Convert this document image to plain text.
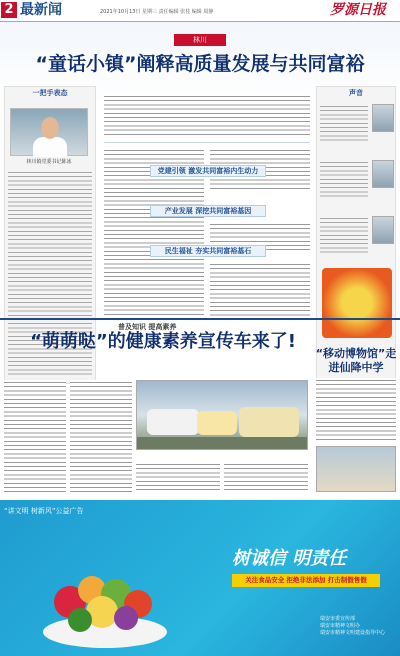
2 最新闻	2021年10月13日 星期三 责任编辑 张桂 编辑 周静	罗源日报
林川
“童话小镇”阐释高质量发展与共同富裕
一把手表态
林川镇党委书记陈冰
党建引领 激发共同富裕内生动力
产业发展 深挖共同富裕基因
民生福祉 夯实共同富裕基石
声音
普及知识 提高素养
“萌萌哒”的健康素养宣传车来了!
“移动博物馆”走进仙降中学
“讲文明 树新风”公益广告
树诚信 明责任
关注食品安全 拒绝非法添加 打击制假售假
瑞安市委宣传部
瑞安市精神文明办
瑞安市精神文明建设指导中心
